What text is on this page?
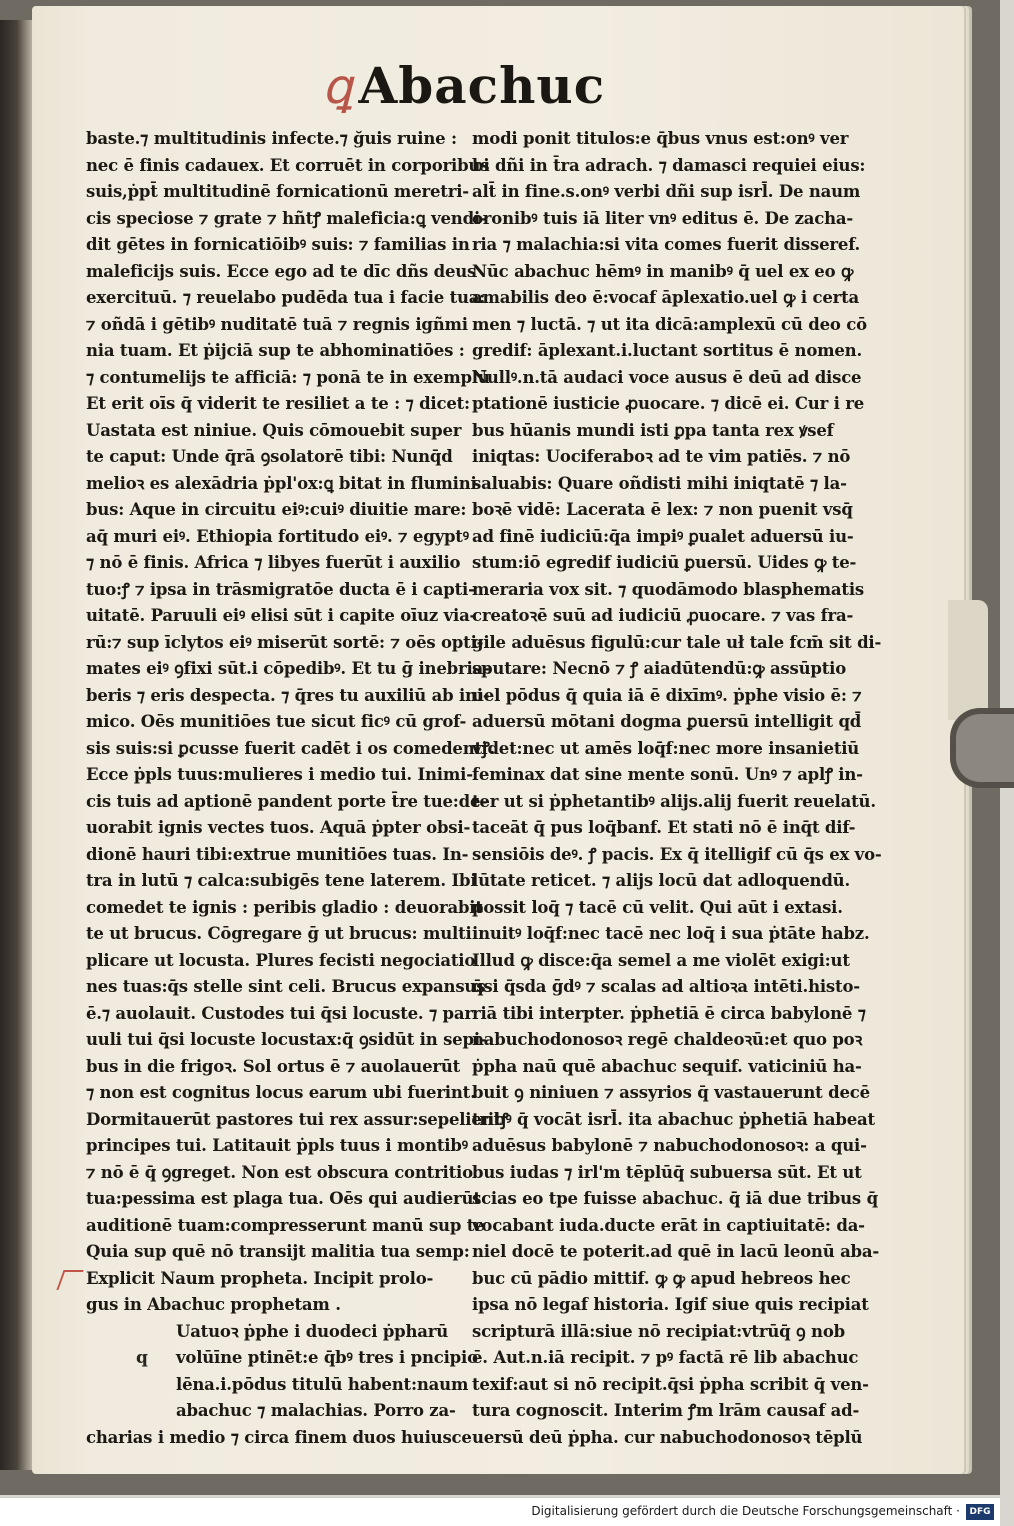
ꝗ Abachuc
baste.⁊ multitudinis infecte.⁊ ğuis ruine :
nec ē finis cadauex. Et corruēt in corporibus
suis,ṗpt̄ multitudinē fornicationū meretri-
cis speciose ⁊ grate ⁊ hñtꝭ maleficia:ꝗ vendi-
dit gētes in fornicatiōibꝰ suis: ⁊ familias in
maleficijs suis. Ecce ego ad te dīc dñs deus
exercituū. ⁊ reuelabo pudēda tua i facie tua:
⁊ oñdā i gētibꝰ nuditatē tuā ⁊ regnis igñmi
nia tuam. Et ṗijciā sup te abhominatiōes :
⁊ contumelijs te afficiā: ⁊ ponā te in exemplū
Et erit oīs q̄ viderit te resiliet a te : ⁊ dicet:
Uastata est niniue. Quis cōmouebit super
te caput: Unde q̄rā ꝯsolatorē tibi: Nunq̄d
melioꝛ es alexādria ṗpl'ox:ꝗ bitat in flumini
bus: Aque in circuitu eiꝰ:cuiꝰ diuitie mare:
aq̄ muri eiꝰ. Ethiopia fortitudo eiꝰ. ⁊ egyptꝰ
⁊ nō ē finis. Africa ⁊ libyes fuerūt i auxilio
tuo:ꝭ ⁊ ipsa in trāsmigratōe ducta ē i capti-
uitatē. Paruuli eiꝰ elisi sūt i capite oīuz via-
rū:⁊ sup īclytos eiꝰ miserūt sortē: ⁊ oēs opti-
mates eiꝰ ꝯfixi sūt.i cōpedibꝰ. Et tu ḡ inebria-
beris ⁊ eris despecta. ⁊ q̄res tu auxiliū ab ini-
mico. Oēs munitiōes tue sicut ficꝰ cū grof-
sis suis:si ꝑcusse fuerit cadēt i os comedentꝭ.
Ecce ṗpls tuus:mulieres i medio tui. Inimi-
cis tuis ad aptionē pandent porte t̄re tue:de-
uorabit ignis vectes tuos. Aquā ṗpter obsi-
dionē hauri tibi:extrue munitiōes tuas. In-
tra in lutū ⁊ calca:subigēs tene laterem. Ibi
comedet te ignis : peribis gladio : deuorabit
te ut brucus. Cōgregare ḡ ut brucus: multi
plicare ut locusta. Plures fecisti negociatio
nes tuas:q̄s stelle sint celi. Brucus expansus
ē.⁊ auolauit. Custodes tui q̄si locuste. ⁊ par
uuli tui q̄si locuste locustax:q̄ ꝯsidūt in sepi-
bus in die frigoꝛ. Sol ortus ē ⁊ auolauerūt
⁊ non est cognitus locus earum ubi fuerint.
Dormitauerūt pastores tui rex assur:sepelientꝭ
principes tui. Latitauit ṗpls tuus i montibꝰ
⁊ nō ē q̄ ꝯgreget. Non est obscura contritio
tua:pessima est plaga tua. Oēs qui audierūt
auditionē tuam:compresserunt manū sup te
Quia sup quē nō transijt malitia tua semp:
Explicit Naum propheta. Incipit prolo-
gus in Abachuc prophetam .
Uatuoꝛ ṗphe i duodeci ṗpharū
volūīne ptinēt:e q̄bꝰ tres i pncipio
q
lēna.i.pōdus titulū habent:naum
abachuc ⁊ malachias. Porro za-
charias i medio ⁊ circa finem duos huiusce
modi ponit titulos:e q̄bus vnus est:onꝰ ver
bi dñi in t̄ra adrach. ⁊ damasci requiei eius:
alt̄ in fine.s.onꝰ verbi dñi sup isrl̄. De naum
oronibꝰ tuis iā liter vnꝰ editus ē. De zacha-
ria ⁊ malachia:si vita comes fuerit disseref.
Nūc abachuc hēmꝰ in manibꝰ q̄ uel ex eo ꝙ
amabilis deo ē:vocaf āplexatio.uel ꝙ i certa
men ⁊ luctā. ⁊ ut ita dicā:amplexū cū deo cō
gredif: āplexant.i.luctant sortitus ē nomen.
Nullꝰ.n.tā audaci voce ausus ē deū ad disce
ptationē iusticie ꝓuocare. ⁊ dicē ei. Cur i re
bus hūanis mundi isti ꝑpa tanta rex ꝟsef
iniqtas: Uociferaboꝛ ad te vim patiēs. ⁊ nō
saluabis: Quare oñdisti mihi iniqtatē ⁊ la-
boꝛē vidē: Lacerata ē lex: ⁊ non puenit vsq̄
ad finē iudiciū:q̄a impiꝰ ꝑualet aduersū iu-
stum:iō egredif iudiciū ꝑuersū. Uides ꝙ te-
meraria vox sit. ⁊ quodāmodo blasphematis
creatoꝛē suū ad iudiciū ꝓuocare. ⁊ vas fra-
gile aduēsus figulū:cur tale uł tale fcm̄ sit di-
sputare: Necnō ⁊ ꝭ aiadūtendū:ꝙ assūptio
uel pōdus q̄ quia iā ē dixīmꝰ. ṗphe visio ē: ⁊
aduersū mōtani dogma ꝑuersū intelligit qd̄
videt:nec ut amēs loq̄f:nec more insanietiū
feminax dat sine mente sonū. Unꝰ ⁊ aplꝭ in-
ter ut si ṗphetantibꝰ alijs.alij fuerit reuelatū.
taceāt q̄ pus loq̄banf. Et stati nō ē inq̄t dif-
sensiōis deꝰ. ꝭ pacis. Ex q̄ itelligif cū q̄s ex vo-
lūtate reticet. ⁊ alijs locū dat adloquendū.
possit loq̄ ⁊ tacē cū velit. Qui aūt i extasi.
inuitꝰ loq̄f:nec tacē nec loq̄ i sua ṗtāte habz.
Illud ꝙ disce:q̄a semel a me violēt exigi:ut
q̄si q̄sda ḡdꝰ ⁊ scalas ad altioꝛa intēti.histo-
riā tibi interpter. ṗphetiā ē circa babylonē ⁊
nabuchodonosoꝛ regē chaldeoꝛū:et quo poꝛ
ṗpha naū quē abachuc sequif. vaticiniū ha-
buit ꝯ niniuen ⁊ assyrios q̄ vastauerunt decē
tribꝰ q̄ vocāt isrl̄. ita abachuc ṗphetiā habeat
aduēsus babylonē ⁊ nabuchodonosoꝛ: a qui-
bus iudas ⁊ irl'm tēplūq̄ subuersa sūt. Et ut
scias eo tpe fuisse abachuc. q̄ iā due tribus q̄
vocabant iuda.ducte erāt in captiuitatē: da-
niel docē te poterit.ad quē in lacū leonū aba-
buc cū pādio mittif. ꝙ ꝙ apud hebreos hec
ipsa nō legaf historia. Igif siue quis recipiat
scripturā illā:siue nō recipiat:vtrūq̄ ꝯ nob
ē. Aut.n.iā recipit. ⁊ pꝰ factā rē lib abachuc
texif:aut si nō recipit.q̄si ṗpha scribit q̄ ven-
tura cognoscit. Interim ꝭm lrām causaf ad-
uersū deū ṗpha. cur nabuchodonosoꝛ tēplū
Digitalisierung gefördert durch die Deutsche Forschungsgemeinschaft ·	DFG
